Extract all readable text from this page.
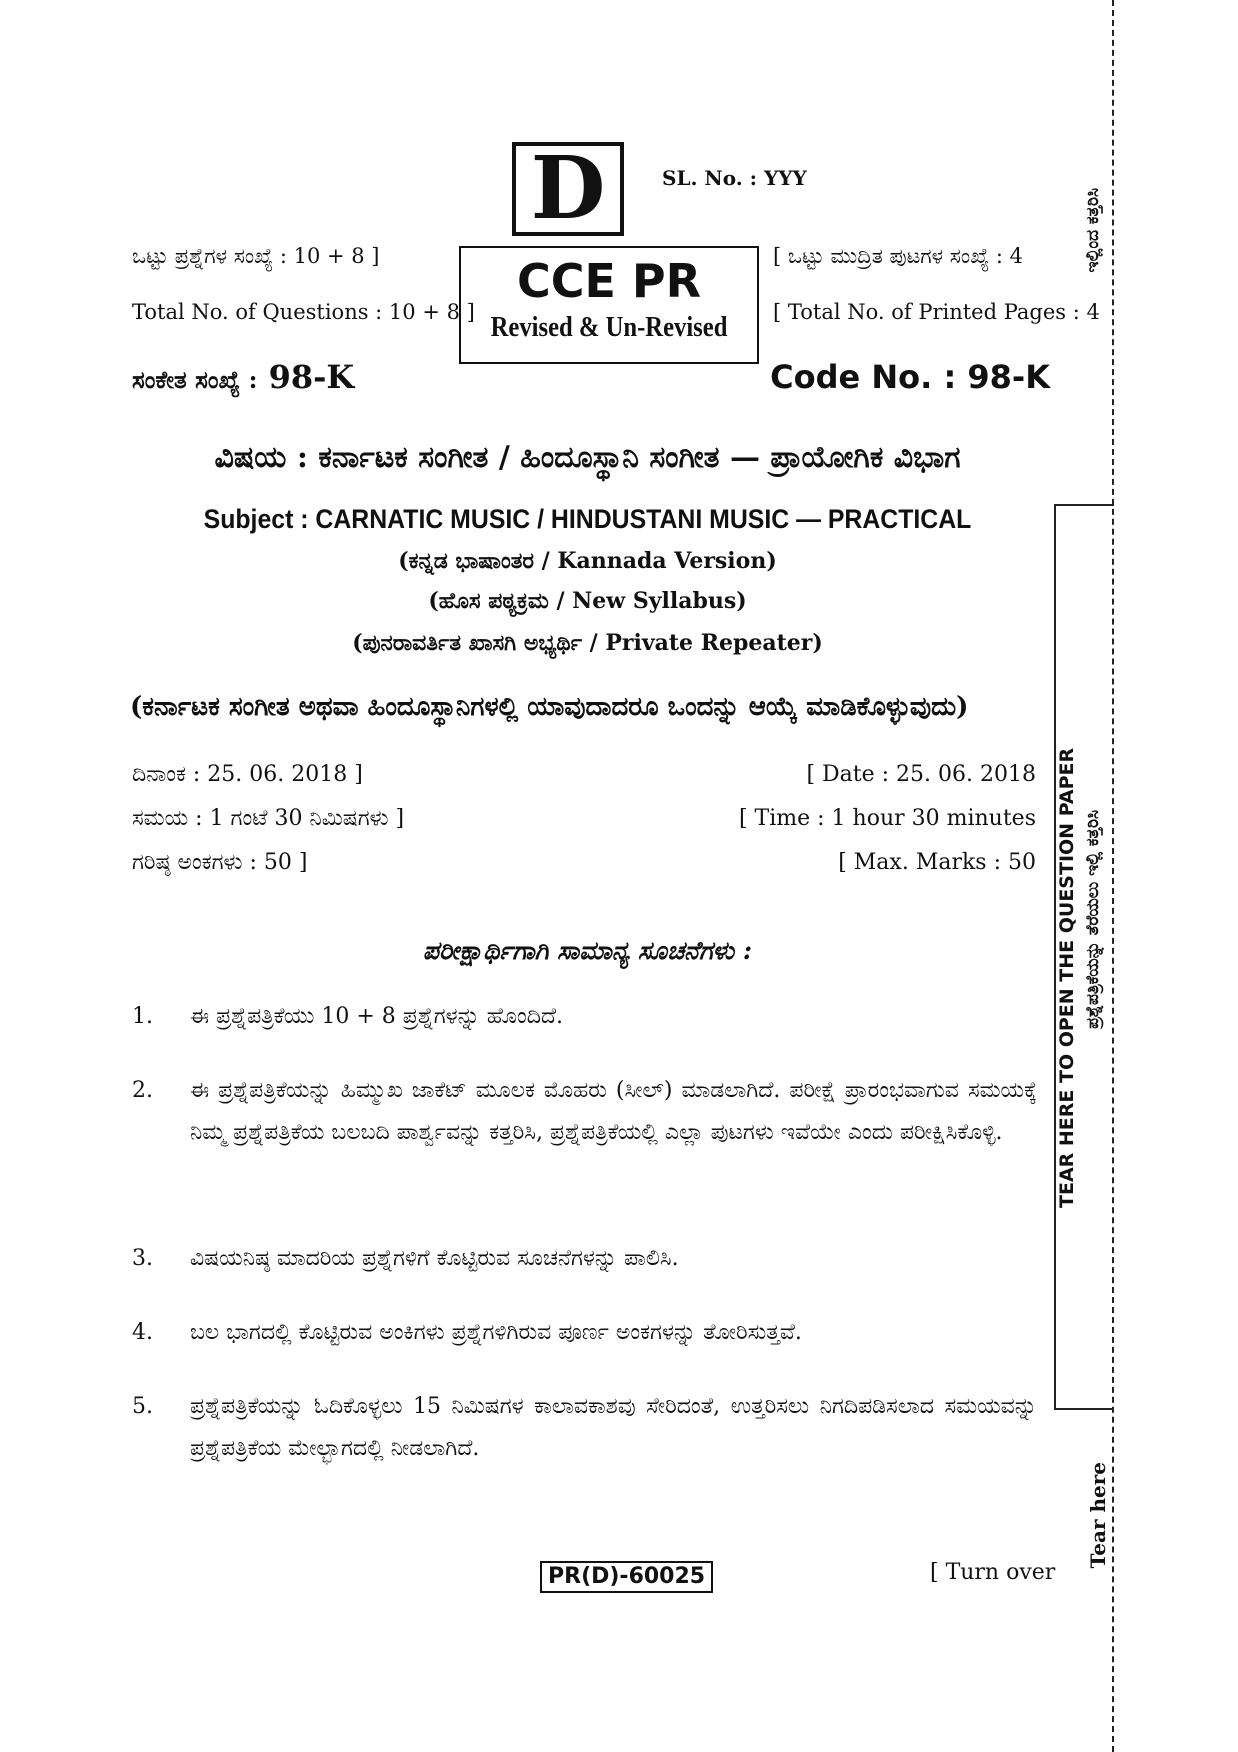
D	SL. No. : YYY
ಒಟ್ಟು ಪ್ರಶ್ನೆಗಳ ಸಂಖ್ಯೆ : 10 + 8 ]
Total No. of Questions : 10 + 8 ]
CCE PR
Revised & Un-Revised
[ ಒಟ್ಟು ಮುದ್ರಿತ ಪುಟಗಳ ಸಂಖ್ಯೆ : 4
[ Total No. of Printed Pages : 4
ಸಂಕೇತ ಸಂಖ್ಯೆ : 98-K	Code No. : 98-K
ವಿಷಯ : ಕರ್ನಾಟಕ ಸಂಗೀತ / ಹಿಂದೂಸ್ಥಾನಿ ಸಂಗೀತ — ಪ್ರಾಯೋಗಿಕ ವಿಭಾಗ
Subject : CARNATIC MUSIC / HINDUSTANI MUSIC — PRACTICAL
(ಕನ್ನಡ ಭಾಷಾಂತರ / Kannada Version)
(ಹೊಸ ಪಠ್ಯಕ್ರಮ / New Syllabus)
(ಪುನರಾವರ್ತಿತ ಖಾಸಗಿ ಅಭ್ಯರ್ಥಿ / Private Repeater)
(ಕರ್ನಾಟಕ ಸಂಗೀತ ಅಥವಾ ಹಿಂದೂಸ್ಥಾನಿಗಳಲ್ಲಿ ಯಾವುದಾದರೂ ಒಂದನ್ನು ಆಯ್ಕೆ ಮಾಡಿಕೊಳ್ಳುವುದು)
ದಿನಾಂಕ : 25. 06. 2018 ]	[ Date : 25. 06. 2018
ಸಮಯ : 1 ಗಂಟೆ 30 ನಿಮಿಷಗಳು ]	[ Time : 1 hour 30 minutes
ಗರಿಷ್ಠ ಅಂಕಗಳು : 50 ]	[ Max. Marks : 50
ಪರೀಕ್ಷಾರ್ಥಿಗಾಗಿ ಸಾಮಾನ್ಯ ಸೂಚನೆಗಳು :
1. ಈ ಪ್ರಶ್ನೆಪತ್ರಿಕೆಯು 10 + 8 ಪ್ರಶ್ನೆಗಳನ್ನು ಹೊಂದಿದೆ.
2. ಈ ಪ್ರಶ್ನೆಪತ್ರಿಕೆಯನ್ನು ಹಿಮ್ಮುಖ ಜಾಕೆಟ್ ಮೂಲಕ ಮೊಹರು (ಸೀಲ್) ಮಾಡಲಾಗಿದೆ. ಪರೀಕ್ಷೆ ಪ್ರಾರಂಭವಾಗುವ ಸಮಯಕ್ಕೆ ನಿಮ್ಮ ಪ್ರಶ್ನೆಪತ್ರಿಕೆಯ ಬಲಬದಿ ಪಾರ್ಶ್ವವನ್ನು ಕತ್ತರಿಸಿ, ಪ್ರಶ್ನೆಪತ್ರಿಕೆಯಲ್ಲಿ ಎಲ್ಲಾ ಪುಟಗಳು ಇವೆಯೇ ಎಂದು ಪರೀಕ್ಷಿಸಿಕೊಳ್ಳಿ.
3. ವಿಷಯನಿಷ್ಠ ಮಾದರಿಯ ಪ್ರಶ್ನೆಗಳಿಗೆ ಕೊಟ್ಟಿರುವ ಸೂಚನೆಗಳನ್ನು ಪಾಲಿಸಿ.
4. ಬಲ ಭಾಗದಲ್ಲಿ ಕೊಟ್ಟಿರುವ ಅಂಕಿಗಳು ಪ್ರಶ್ನೆಗಳಿಗಿರುವ ಪೂರ್ಣ ಅಂಕಗಳನ್ನು ತೋರಿಸುತ್ತವೆ.
5. ಪ್ರಶ್ನೆಪತ್ರಿಕೆಯನ್ನು ಓದಿಕೊಳ್ಳಲು 15 ನಿಮಿಷಗಳ ಕಾಲಾವಕಾಶವು ಸೇರಿದಂತೆ, ಉತ್ತರಿಸಲು ನಿಗದಿಪಡಿಸಲಾದ ಸಮಯವನ್ನು ಪ್ರಶ್ನೆಪತ್ರಿಕೆಯ ಮೇಲ್ಭಾಗದಲ್ಲಿ ನೀಡಲಾಗಿದೆ.
PR(D)-60025	[ Turn over
TEAR HERE TO OPEN THE QUESTION PAPER ಪ್ರಶ್ನೆಪತ್ರಿಕೆಯನ್ನು ತೆರೆಯಲು ಇಲ್ಲಿ ಕತ್ತರಿಸಿ
ಇಲ್ಲಿಂದ ಕತ್ತರಿಸಿ
Tear here
